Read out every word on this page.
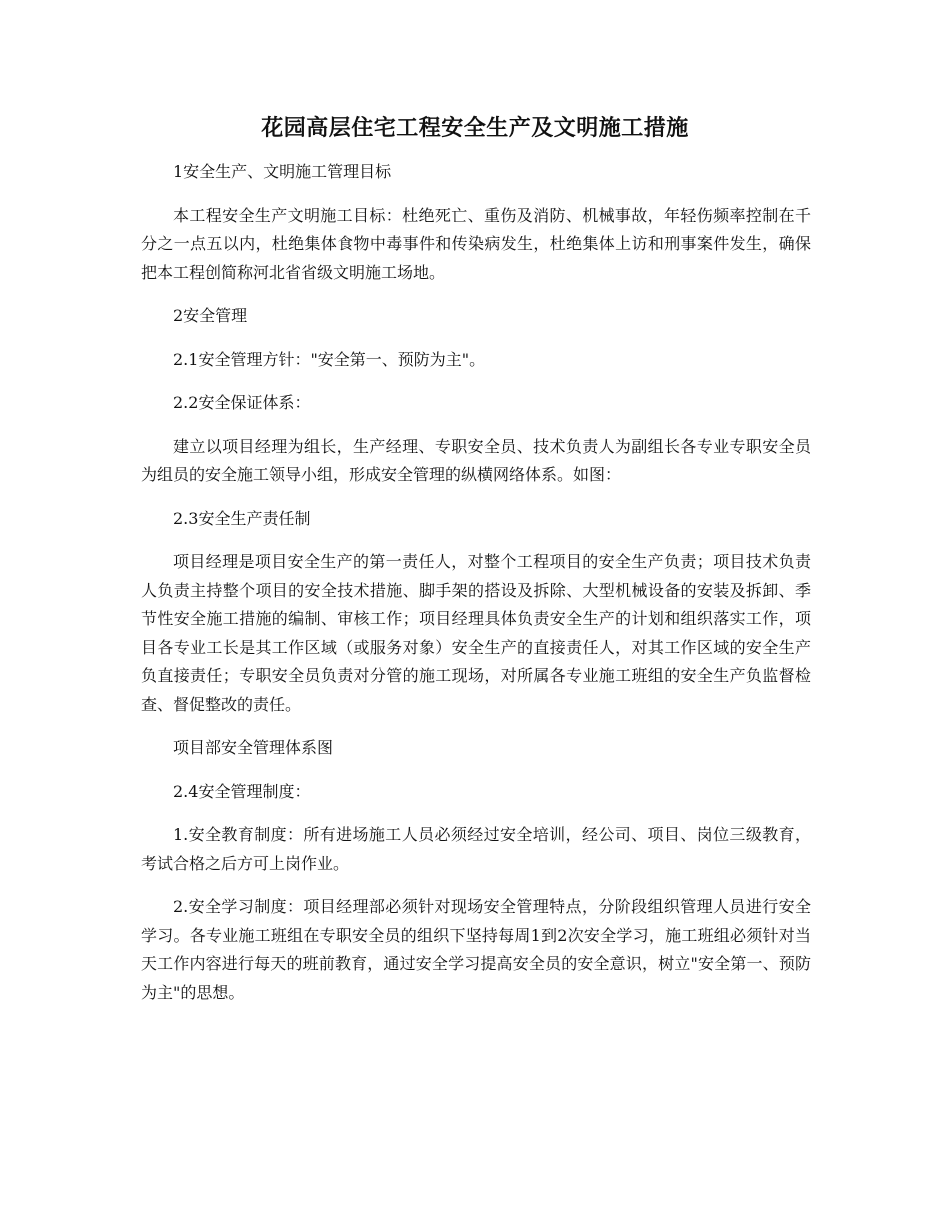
花园高层住宅工程安全生产及文明施工措施

1安全生产、文明施工管理目标

本工程安全生产文明施工目标：杜绝死亡、重伤及消防、机械事故，年轻伤频率控制在千分之一点五以内，杜绝集体食物中毒事件和传染病发生，杜绝集体上访和刑事案件发生，确保把本工程创简称河北省省级文明施工场地。

2安全管理

2.1安全管理方针："安全第一、预防为主"。

2.2安全保证体系：

建立以项目经理为组长，生产经理、专职安全员、技术负责人为副组长各专业专职安全员为组员的安全施工领导小组，形成安全管理的纵横网络体系。如图：

2.3安全生产责任制

项目经理是项目安全生产的第一责任人，对整个工程项目的安全生产负责；项目技术负责人负责主持整个项目的安全技术措施、脚手架的搭设及拆除、大型机械设备的安装及拆卸、季节性安全施工措施的编制、审核工作；项目经理具体负责安全生产的计划和组织落实工作，项目各专业工长是其工作区域（或服务对象）安全生产的直接责任人，对其工作区域的安全生产负直接责任；专职安全员负责对分管的施工现场，对所属各专业施工班组的安全生产负监督检查、督促整改的责任。

项目部安全管理体系图

2.4安全管理制度：

1.安全教育制度：所有进场施工人员必须经过安全培训，经公司、项目、岗位三级教育，考试合格之后方可上岗作业。

2.安全学习制度：项目经理部必须针对现场安全管理特点，分阶段组织管理人员进行安全学习。各专业施工班组在专职安全员的组织下坚持每周1到2次安全学习，施工班组必须针对当天工作内容进行每天的班前教育，通过安全学习提高安全员的安全意识，树立"安全第一、预防为主"的思想。
